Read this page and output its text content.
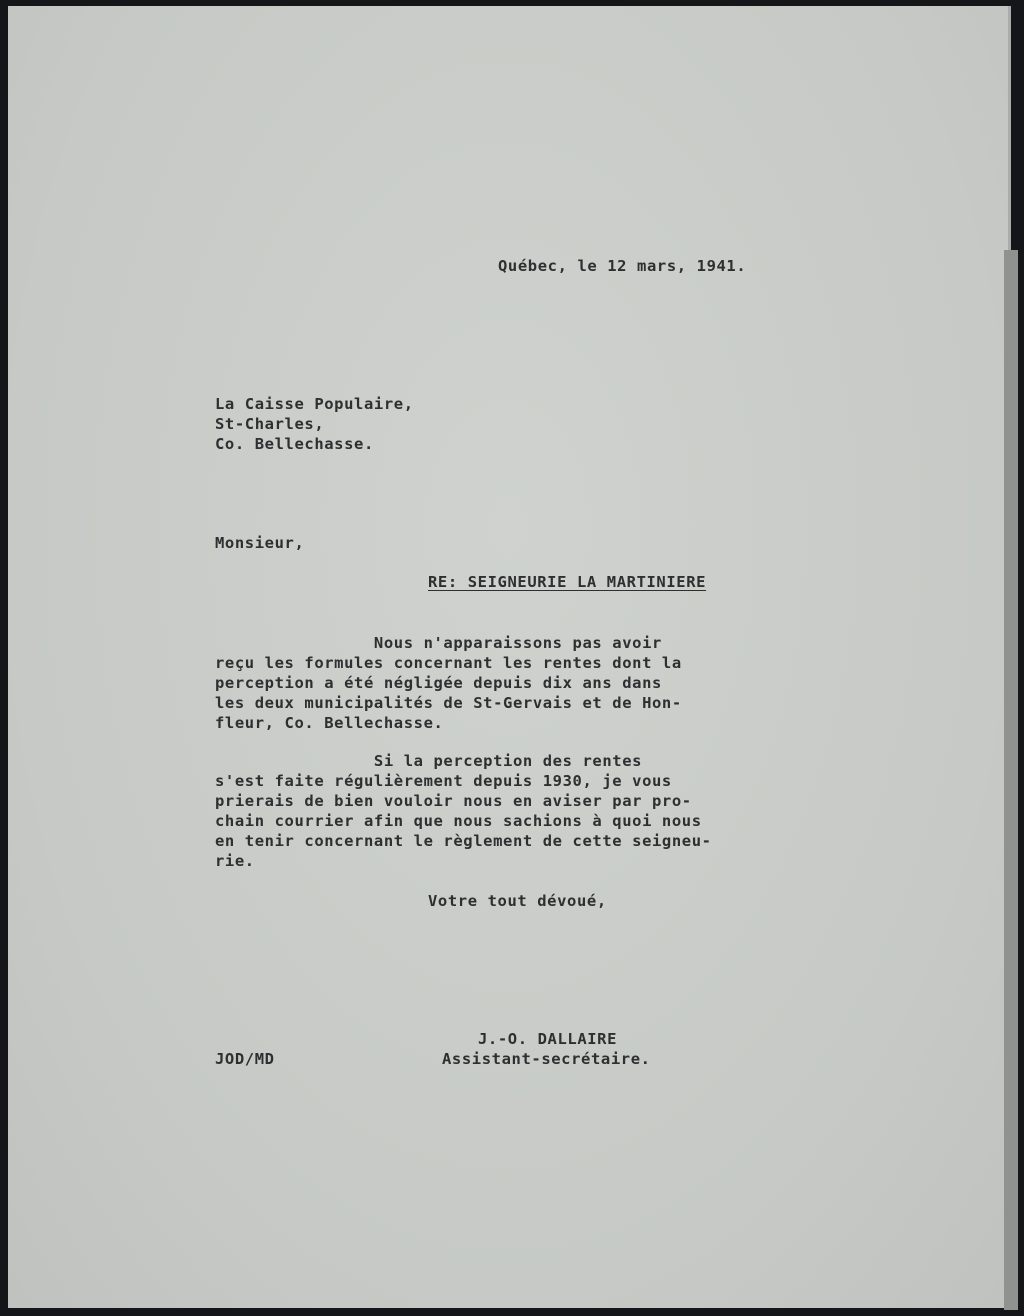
Québec, le 12 mars, 1941.

La Caisse Populaire,
St-Charles,
Co. Bellechasse.

Monsieur,

RE: SEIGNEURIE LA MARTINIERE

Nous n'apparaissons pas avoir
reçu les formules concernant les rentes dont la
perception a été négligée depuis dix ans dans
les deux municipalités de St-Gervais et de Hon-
fleur, Co. Bellechasse.
Si la perception des rentes
s'est faite régulièrement depuis 1930, je vous
prierais de bien vouloir nous en aviser par pro-
chain courrier afin que nous sachions à quoi nous
en tenir concernant le règlement de cette seigneu-
rie.

Votre tout dévoué,

J.-O. DALLAIRE

Assistant-secrétaire.

JOD/MD
